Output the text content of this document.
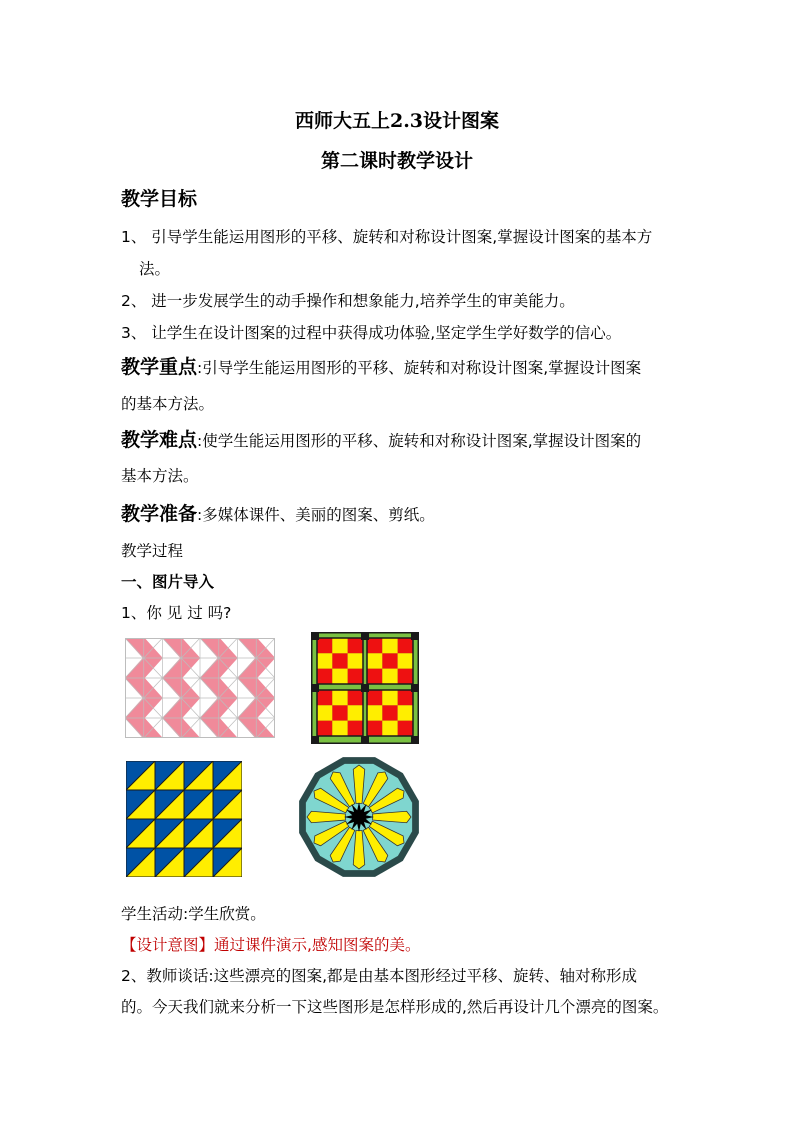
西师大五上2.3设计图案
第二课时教学设计
教学目标
1、 引导学生能运用图形的平移、旋转和对称设计图案,掌握设计图案的基本方
法。
2、 进一步发展学生的动手操作和想象能力,培养学生的审美能力。
3、 让学生在设计图案的过程中获得成功体验,坚定学生学好数学的信心。
教学重点:引导学生能运用图形的平移、旋转和对称设计图案,掌握设计图案
的基本方法。
教学难点:使学生能运用图形的平移、旋转和对称设计图案,掌握设计图案的
基本方法。
教学准备:多媒体课件、美丽的图案、剪纸。
教学过程
一、图片导入
1、你 见 过 吗?
学生活动:学生欣赏。
【设计意图】通过课件演示,感知图案的美。
2、教师谈话:这些漂亮的图案,都是由基本图形经过平移、旋转、轴对称形成
的。今天我们就来分析一下这些图形是怎样形成的,然后再设计几个漂亮的图案。
